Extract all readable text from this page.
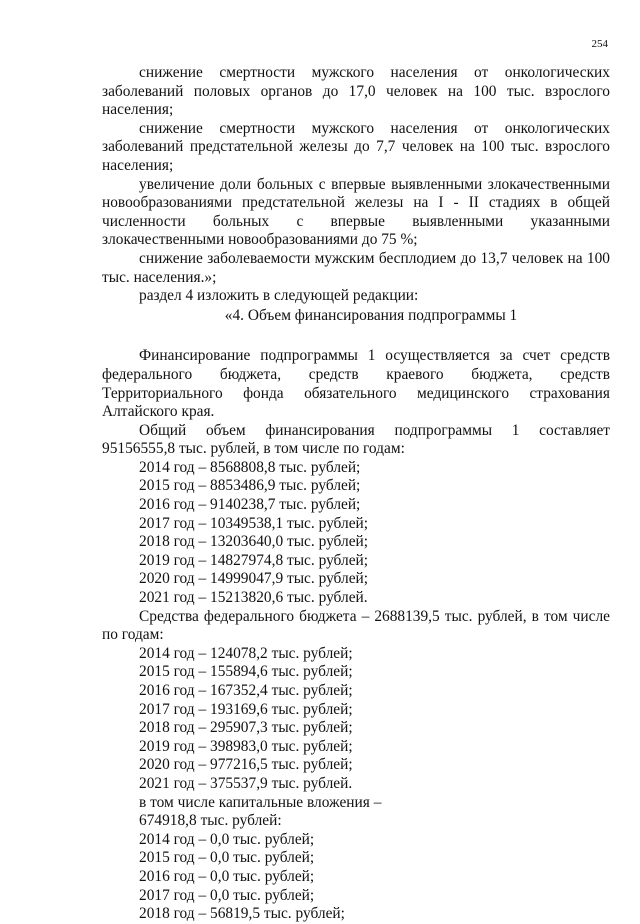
254

снижение смертности мужского населения от онкологических заболеваний половых органов до 17,0 человек на 100 тыс. взрослого населения;

снижение смертности мужского населения от онкологических заболеваний предстательной железы до 7,7 человек на 100 тыс. взрослого населения;

увеличение доли больных с впервые выявленными злокачественными новообразованиями предстательной железы на I - II стадиях в общей численности больных с впервые выявленными указанными злокачественными новообразованиями до 75 %;

снижение заболеваемости мужским бесплодием до 13,7 человек на 100 тыс. населения.»;

раздел 4 изложить в следующей редакции:

«4. Объем финансирования подпрограммы 1

Финансирование подпрограммы 1 осуществляется за счет средств федерального бюджета, средств краевого бюджета, средств Территориального фонда обязательного медицинского страхования Алтайского края.

Общий объем финансирования подпрограммы 1 составляет

95156555,8 тыс. рублей, в том числе по годам:

2014 год – 8568808,8 тыс. рублей;
2015 год – 8853486,9 тыс. рублей;
2016 год – 9140238,7 тыс. рублей;
2017 год – 10349538,1 тыс. рублей;
2018 год – 13203640,0 тыс. рублей;
2019 год – 14827974,8 тыс. рублей;
2020 год – 14999047,9 тыс. рублей;
2021 год – 15213820,6 тыс. рублей.

Средства федерального бюджета – 2688139,5 тыс. рублей, в том числе по годам:

2014 год – 124078,2 тыс. рублей;
2015 год – 155894,6 тыс. рублей;
2016 год – 167352,4 тыс. рублей;
2017 год – 193169,6 тыс. рублей;
2018 год – 295907,3 тыс. рублей;
2019 год – 398983,0 тыс. рублей;
2020 год – 977216,5 тыс. рублей;
2021 год – 375537,9 тыс. рублей.
в том числе капитальные вложения –
674918,8 тыс. рублей:
2014 год – 0,0 тыс. рублей;
2015 год – 0,0 тыс. рублей;
2016 год – 0,0 тыс. рублей;
2017 год – 0,0 тыс. рублей;
2018 год – 56819,5 тыс. рублей;
